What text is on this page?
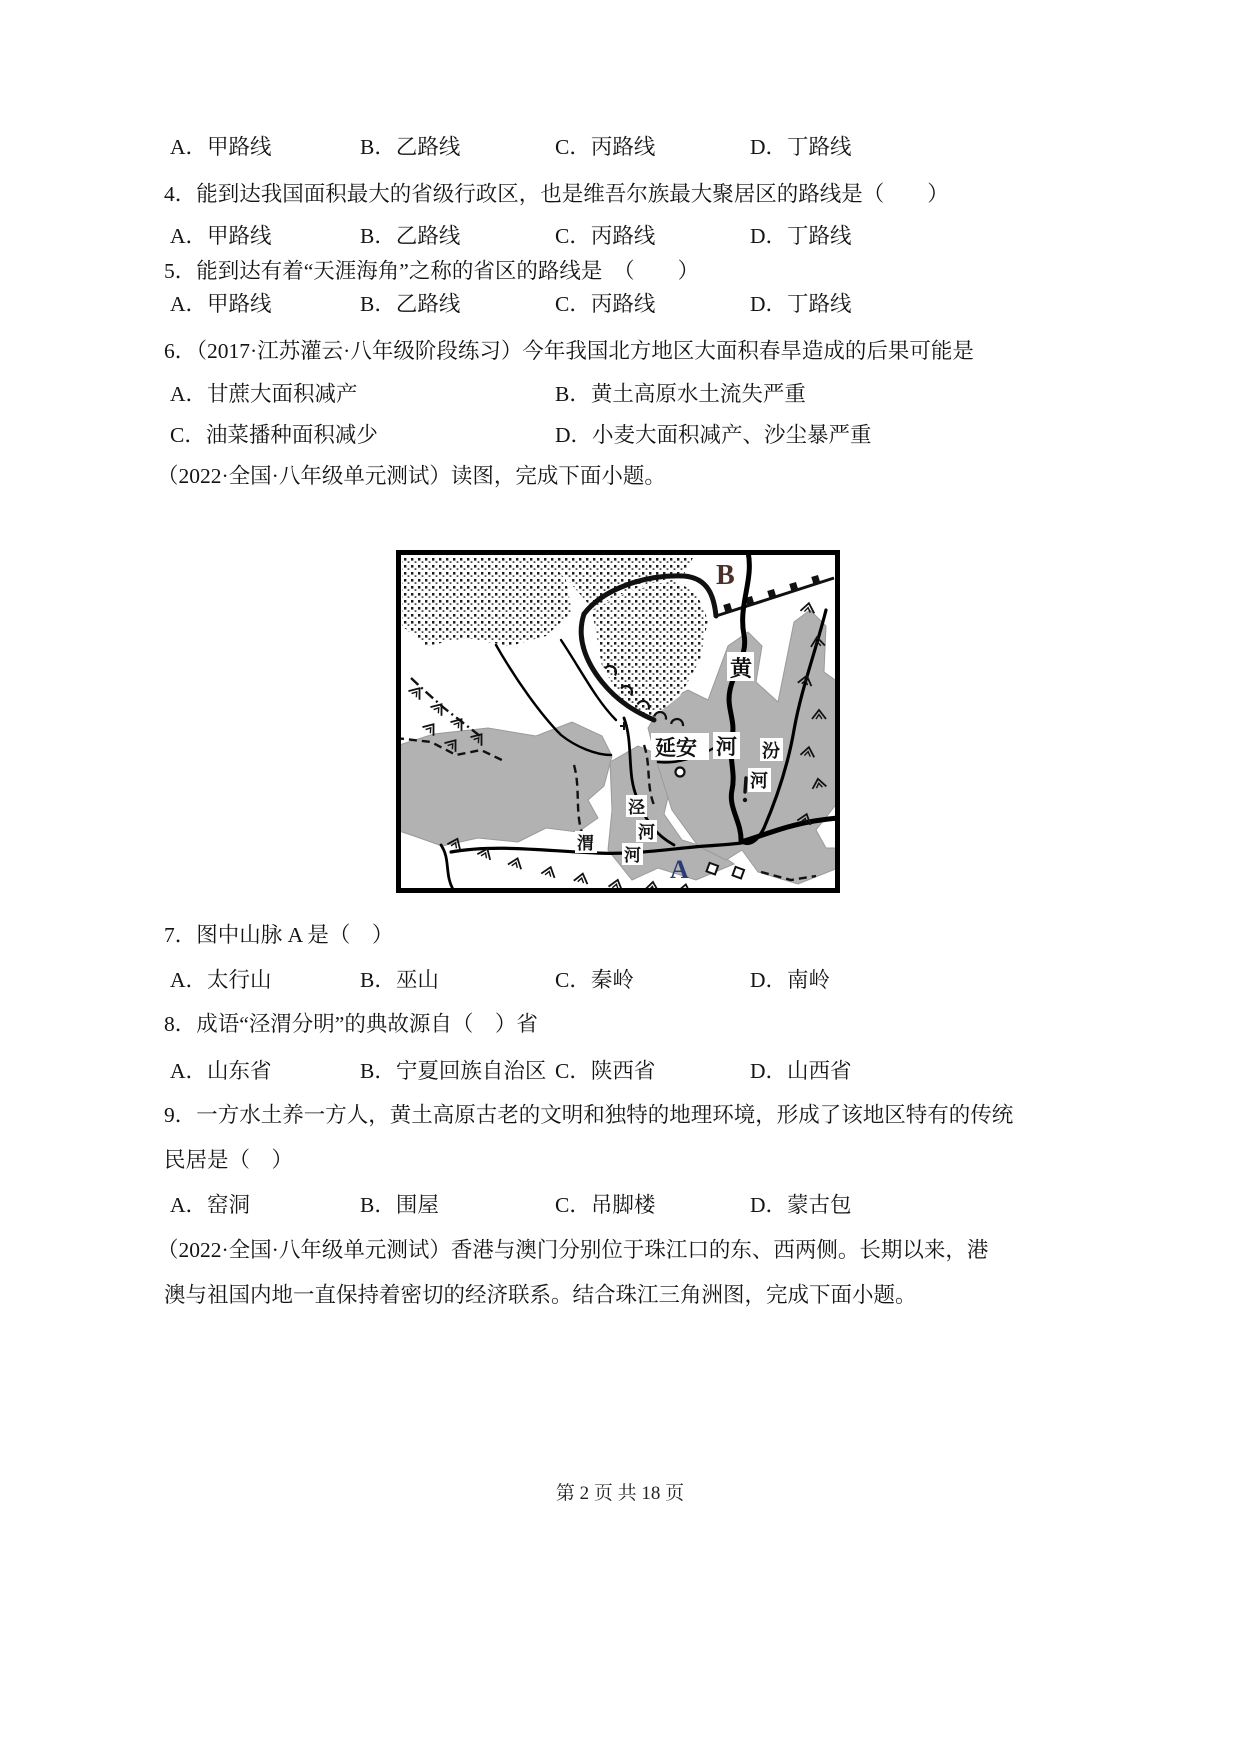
A．甲路线	B．乙路线	C．丙路线	D．丁路线
4．能到达我国面积最大的省级行政区，也是维吾尔族最大聚居区的路线是（　　）
A．甲路线	B．乙路线	C．丙路线	D．丁路线
5．能到达有着“天涯海角”之称的省区的路线是　（　　）
A．甲路线	B．乙路线	C．丙路线	D．丁路线
6．（2017·江苏灌云·八年级阶段练习）今年我国北方地区大面积春旱造成的后果可能是
A．甘蔗大面积减产	B．黄土高原水土流失严重
C．油菜播种面积减少	D．小麦大面积减产、沙尘暴严重
（2022·全国·八年级单元测试）读图，完成下面小题。
延安
黄
河 汾
河
泾
河
渭
河
B
A
7．图中山脉 A 是（　）
A．太行山	B．巫山	C．秦岭	D．南岭
8．成语“泾渭分明”的典故源自（　）省
A．山东省	B．宁夏回族自治区 C．陕西省	D．山西省
9．一方水土养一方人，黄土高原古老的文明和独特的地理环境，形成了该地区特有的传统
民居是（　）
A．窑洞	B．围屋	C．吊脚楼	D．蒙古包
（2022·全国·八年级单元测试）香港与澳门分别位于珠江口的东、西两侧。长期以来，港
澳与祖国内地一直保持着密切的经济联系。结合珠江三角洲图，完成下面小题。
第 2 页 共 18 页
